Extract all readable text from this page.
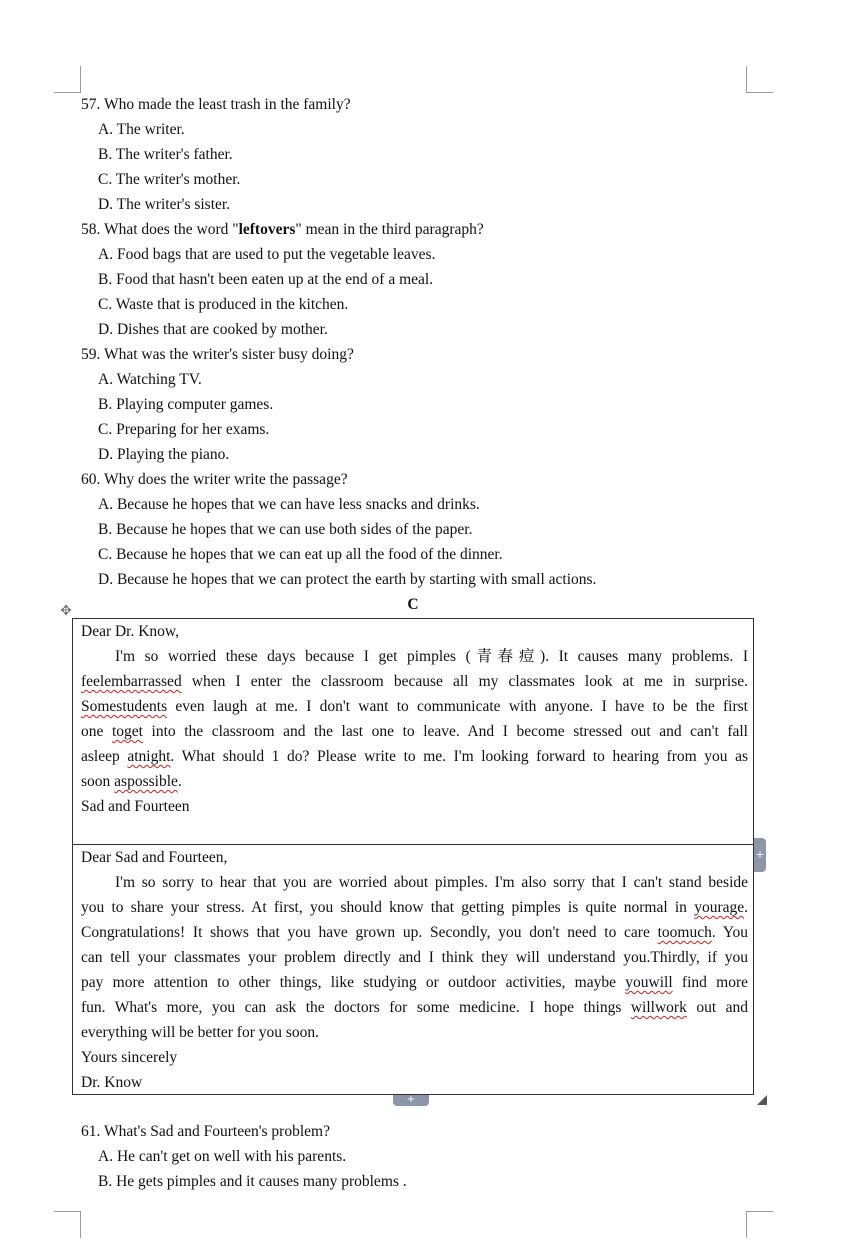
57. Who made the least trash in the family?
A. The writer.
B. The writer's father.
C. The writer's mother.
D. The writer's sister.
58. What does the word "leftovers" mean in the third paragraph?
A. Food bags that are used to put the vegetable leaves.
B. Food that hasn't been eaten up at the end of a meal.
C. Waste that is produced in the kitchen.
D. Dishes that are cooked by mother.
59. What was the writer's sister busy doing?
A. Watching TV.
B. Playing computer games.
C. Preparing for her exams.
D. Playing the piano.
60. Why does the writer write the passage?
A. Because he hopes that we can have less snacks and drinks.
B. Because he hopes that we can use both sides of the paper.
C. Because he hopes that we can eat up all the food of the dinner.
D. Because he hopes that we can protect the earth by starting with small actions.
C
✥
Dear Dr. Know,
I'm so worried these days because I get pimples (青春痘). It causes many problems. I
feelembarrassed when I enter the classroom because all my classmates look at me in surprise.
Somestudents even laugh at me. I don't want to communicate with anyone. I have to be the first
one toget into the classroom and the last one to leave. And I become stressed out and can't fall
asleep atnight. What should 1 do? Please write to me. I'm looking forward to hearing from you as
soon aspossible.
Sad and Fourteen
Dear Sad and Fourteen,
I'm so sorry to hear that you are worried about pimples. I'm also sorry that I can't stand beside
you to share your stress. At first, you should know that getting pimples is quite normal in yourage.
Congratulations! It shows that you have grown up. Secondly, you don't need to care toomuch. You
can tell your classmates your problem directly and I think they will understand you.Thirdly, if you
pay more attention to other things, like studying or outdoor activities, maybe youwill find more
fun. What's more, you can ask the doctors for some medicine. I hope things willwork out and
everything will be better for you soon.
Yours sincerely
Dr. Know
+
+
61. What's Sad and Fourteen's problem?
A. He can't get on well with his parents.
B. He gets pimples and it causes many problems .
